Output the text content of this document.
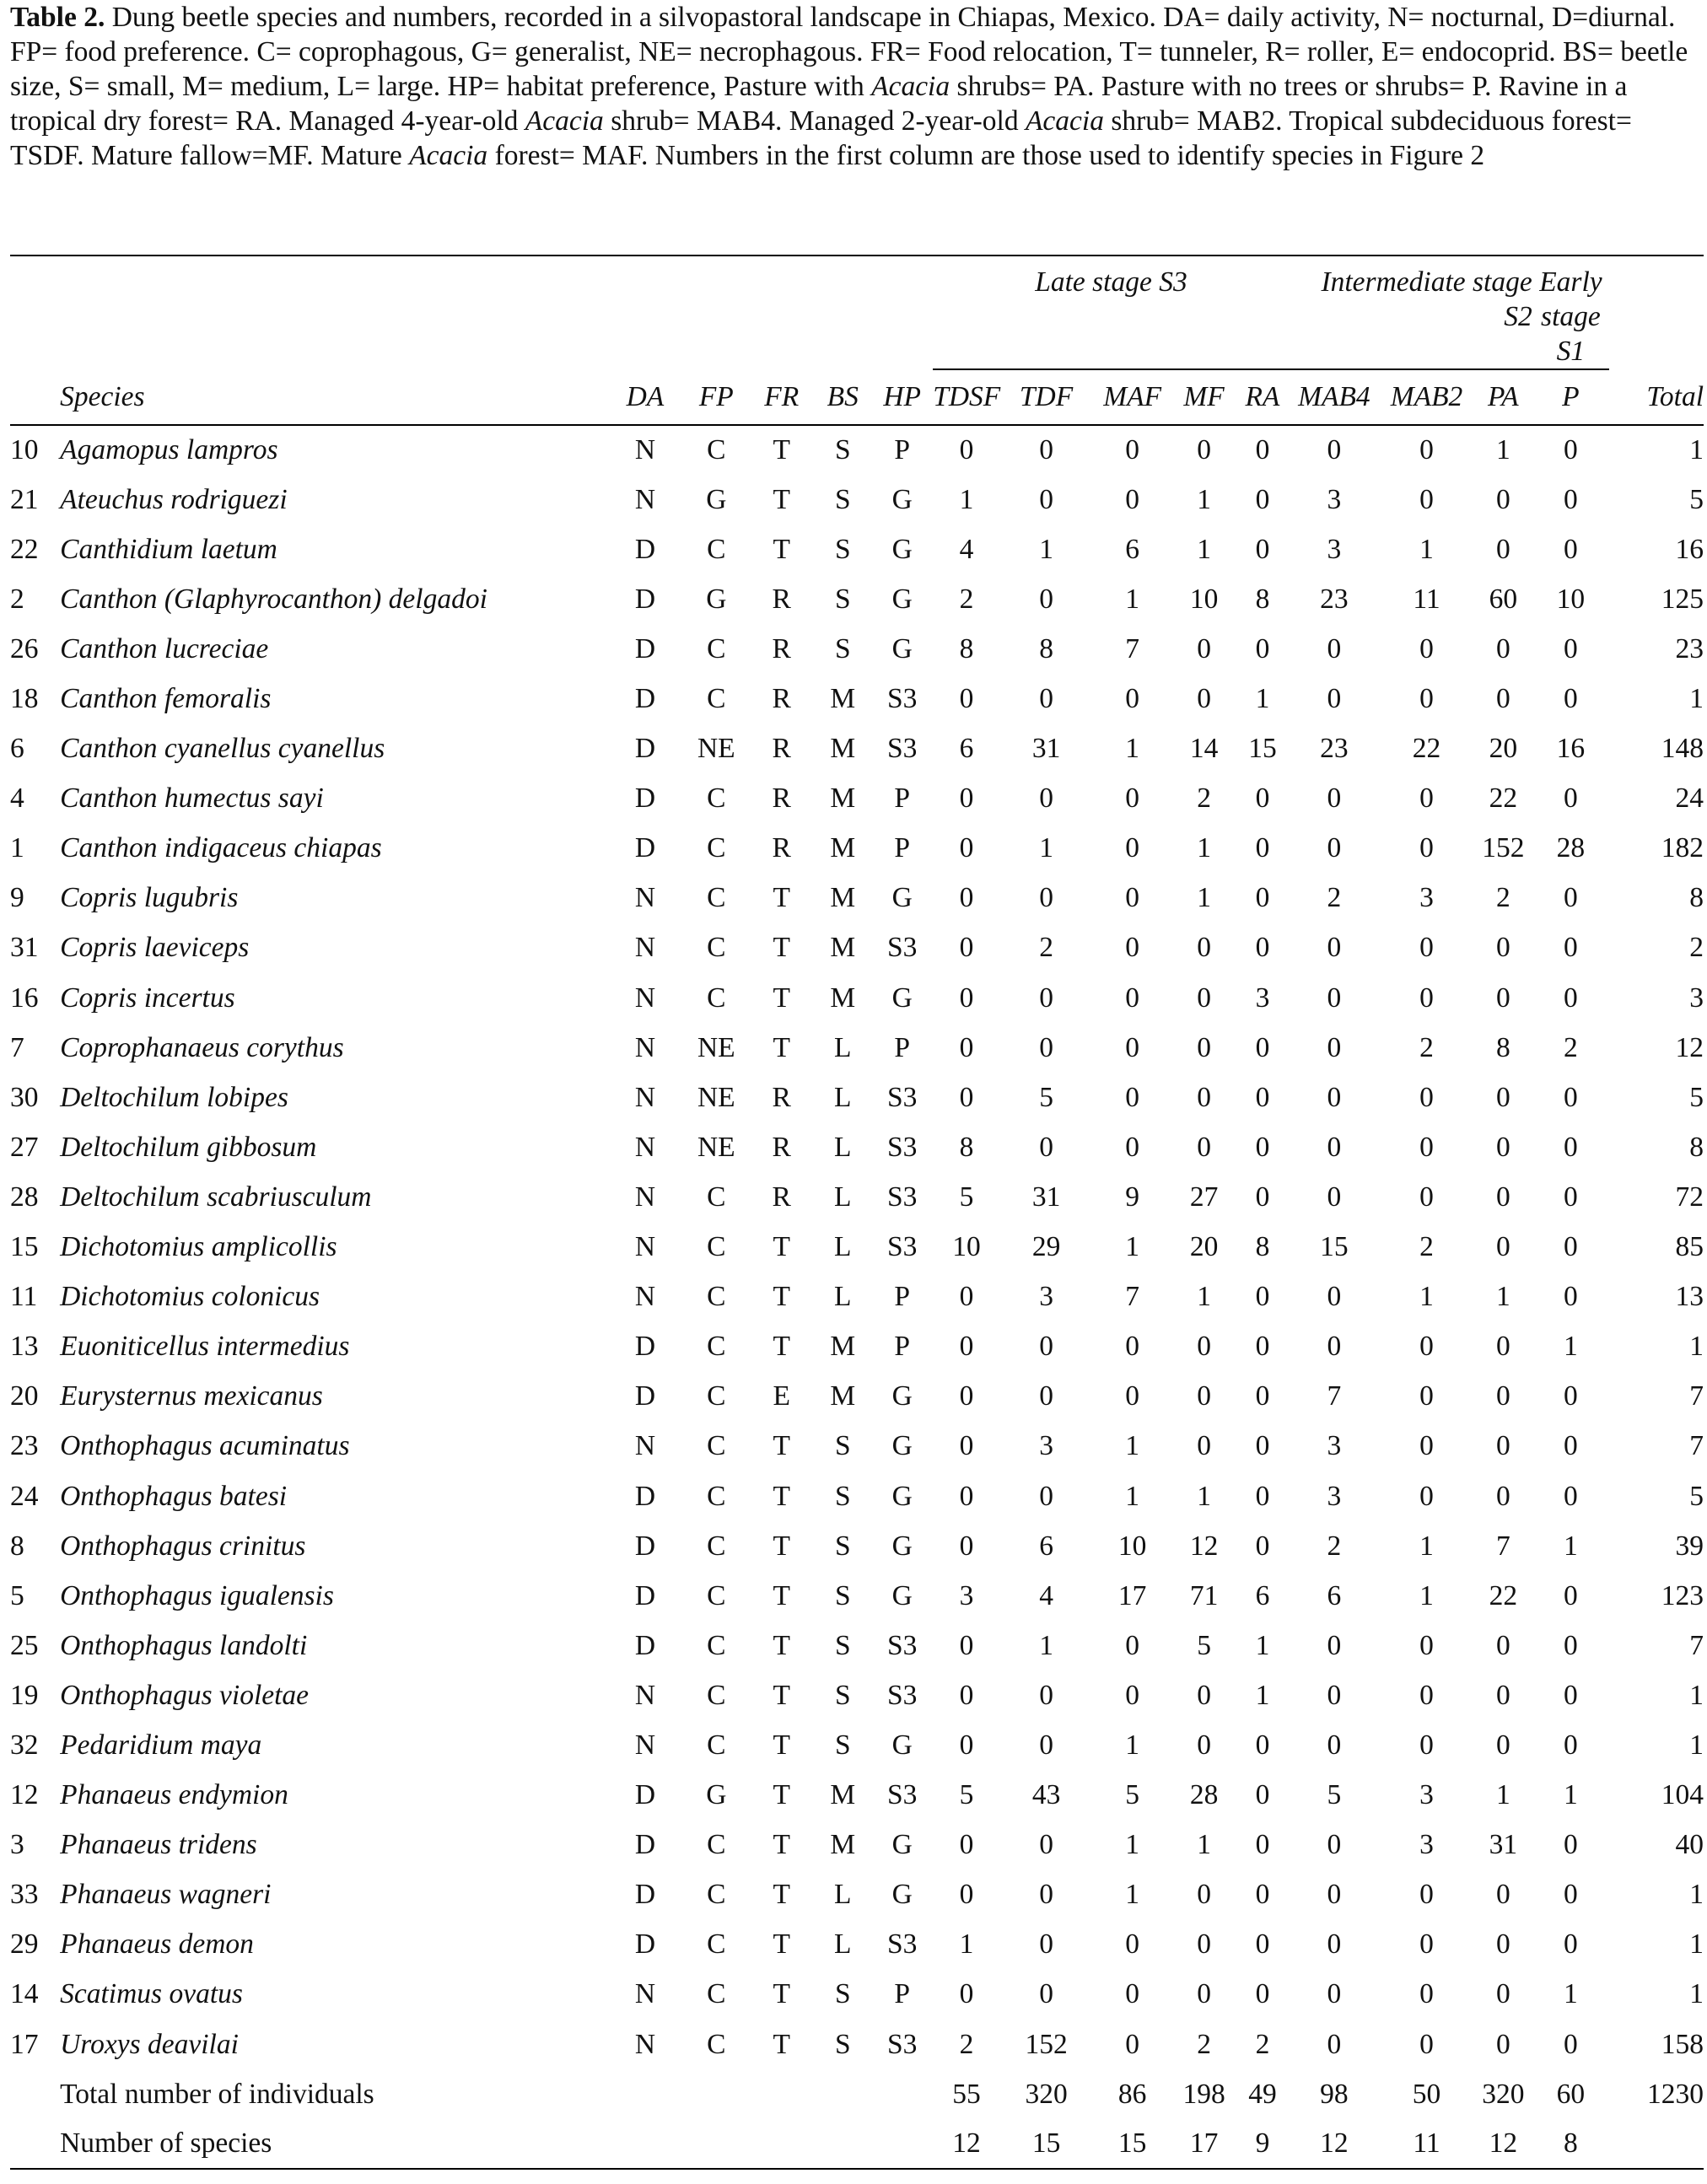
Table 2. Dung beetle species and numbers, recorded in a silvopastoral landscape in Chiapas, Mexico. DA= daily activity, N= nocturnal, D=diurnal. FP= food preference. C= coprophagous, G= generalist, NE= necrophagous. FR= Food relocation, T= tunneler, R= roller, E= endocoprid. BS= beetle size, S= small, M= medium, L= large. HP= habitat preference, Pasture with Acacia shrubs= PA. Pasture with no trees or shrubs= P. Ravine in a tropical dry forest= RA. Managed 4-year-old Acacia shrub= MAB4. Managed 2-year-old Acacia shrub= MAB2. Tropical subdeciduous forest= TSDF. Mature fallow=MF. Mature Acacia forest= MAF. Numbers in the first column are those used to identify species in Figure 2
							Late stage S3					Intermediate stage
S2			Early
stage
S1	
	Species	DA	FP	FR	BS	HP	TDSF	TDF	MAF	MF	RA	MAB4	MAB2	PA	P	Total
10	Agamopus lampros	N	C	T	S	P	0	0	0	0	0	0	0	1	0	1
21	Ateuchus rodriguezi	N	G	T	S	G	1	0	0	1	0	3	0	0	0	5
22	Canthidium laetum	D	C	T	S	G	4	1	6	1	0	3	1	0	0	16
2	Canthon (Glaphyrocanthon) delgadoi	D	G	R	S	G	2	0	1	10	8	23	11	60	10	125
26	Canthon lucreciae	D	C	R	S	G	8	8	7	0	0	0	0	0	0	23
18	Canthon femoralis	D	C	R	M	S3	0	0	0	0	1	0	0	0	0	1
6	Canthon cyanellus cyanellus	D	NE	R	M	S3	6	31	1	14	15	23	22	20	16	148
4	Canthon humectus sayi	D	C	R	M	P	0	0	0	2	0	0	0	22	0	24
1	Canthon indigaceus chiapas	D	C	R	M	P	0	1	0	1	0	0	0	152	28	182
9	Copris lugubris	N	C	T	M	G	0	0	0	1	0	2	3	2	0	8
31	Copris laeviceps	N	C	T	M	S3	0	2	0	0	0	0	0	0	0	2
16	Copris incertus	N	C	T	M	G	0	0	0	0	3	0	0	0	0	3
7	Coprophanaeus corythus	N	NE	T	L	P	0	0	0	0	0	0	2	8	2	12
30	Deltochilum lobipes	N	NE	R	L	S3	0	5	0	0	0	0	0	0	0	5
27	Deltochilum gibbosum	N	NE	R	L	S3	8	0	0	0	0	0	0	0	0	8
28	Deltochilum scabriusculum	N	C	R	L	S3	5	31	9	27	0	0	0	0	0	72
15	Dichotomius amplicollis	N	C	T	L	S3	10	29	1	20	8	15	2	0	0	85
11	Dichotomius colonicus	N	C	T	L	P	0	3	7	1	0	0	1	1	0	13
13	Euoniticellus intermedius	D	C	T	M	P	0	0	0	0	0	0	0	0	1	1
20	Eurysternus mexicanus	D	C	E	M	G	0	0	0	0	0	7	0	0	0	7
23	Onthophagus acuminatus	N	C	T	S	G	0	3	1	0	0	3	0	0	0	7
24	Onthophagus batesi	D	C	T	S	G	0	0	1	1	0	3	0	0	0	5
8	Onthophagus crinitus	D	C	T	S	G	0	6	10	12	0	2	1	7	1	39
5	Onthophagus igualensis	D	C	T	S	G	3	4	17	71	6	6	1	22	0	123
25	Onthophagus landolti	D	C	T	S	S3	0	1	0	5	1	0	0	0	0	7
19	Onthophagus violetae	N	C	T	S	S3	0	0	0	0	1	0	0	0	0	1
32	Pedaridium maya	N	C	T	S	G	0	0	1	0	0	0	0	0	0	1
12	Phanaeus endymion	D	G	T	M	S3	5	43	5	28	0	5	3	1	1	104
3	Phanaeus tridens	D	C	T	M	G	0	0	1	1	0	0	3	31	0	40
33	Phanaeus wagneri	D	C	T	L	G	0	0	1	0	0	0	0	0	0	1
29	Phanaeus demon	D	C	T	L	S3	1	0	0	0	0	0	0	0	0	1
14	Scatimus ovatus	N	C	T	S	P	0	0	0	0	0	0	0	0	1	1
17	Uroxys deavilai	N	C	T	S	S3	2	152	0	2	2	0	0	0	0	158
	Total number of individuals						55	320	86	198	49	98	50	320	60	1230
	Number of species						12	15	15	17	9	12	11	12	8	
